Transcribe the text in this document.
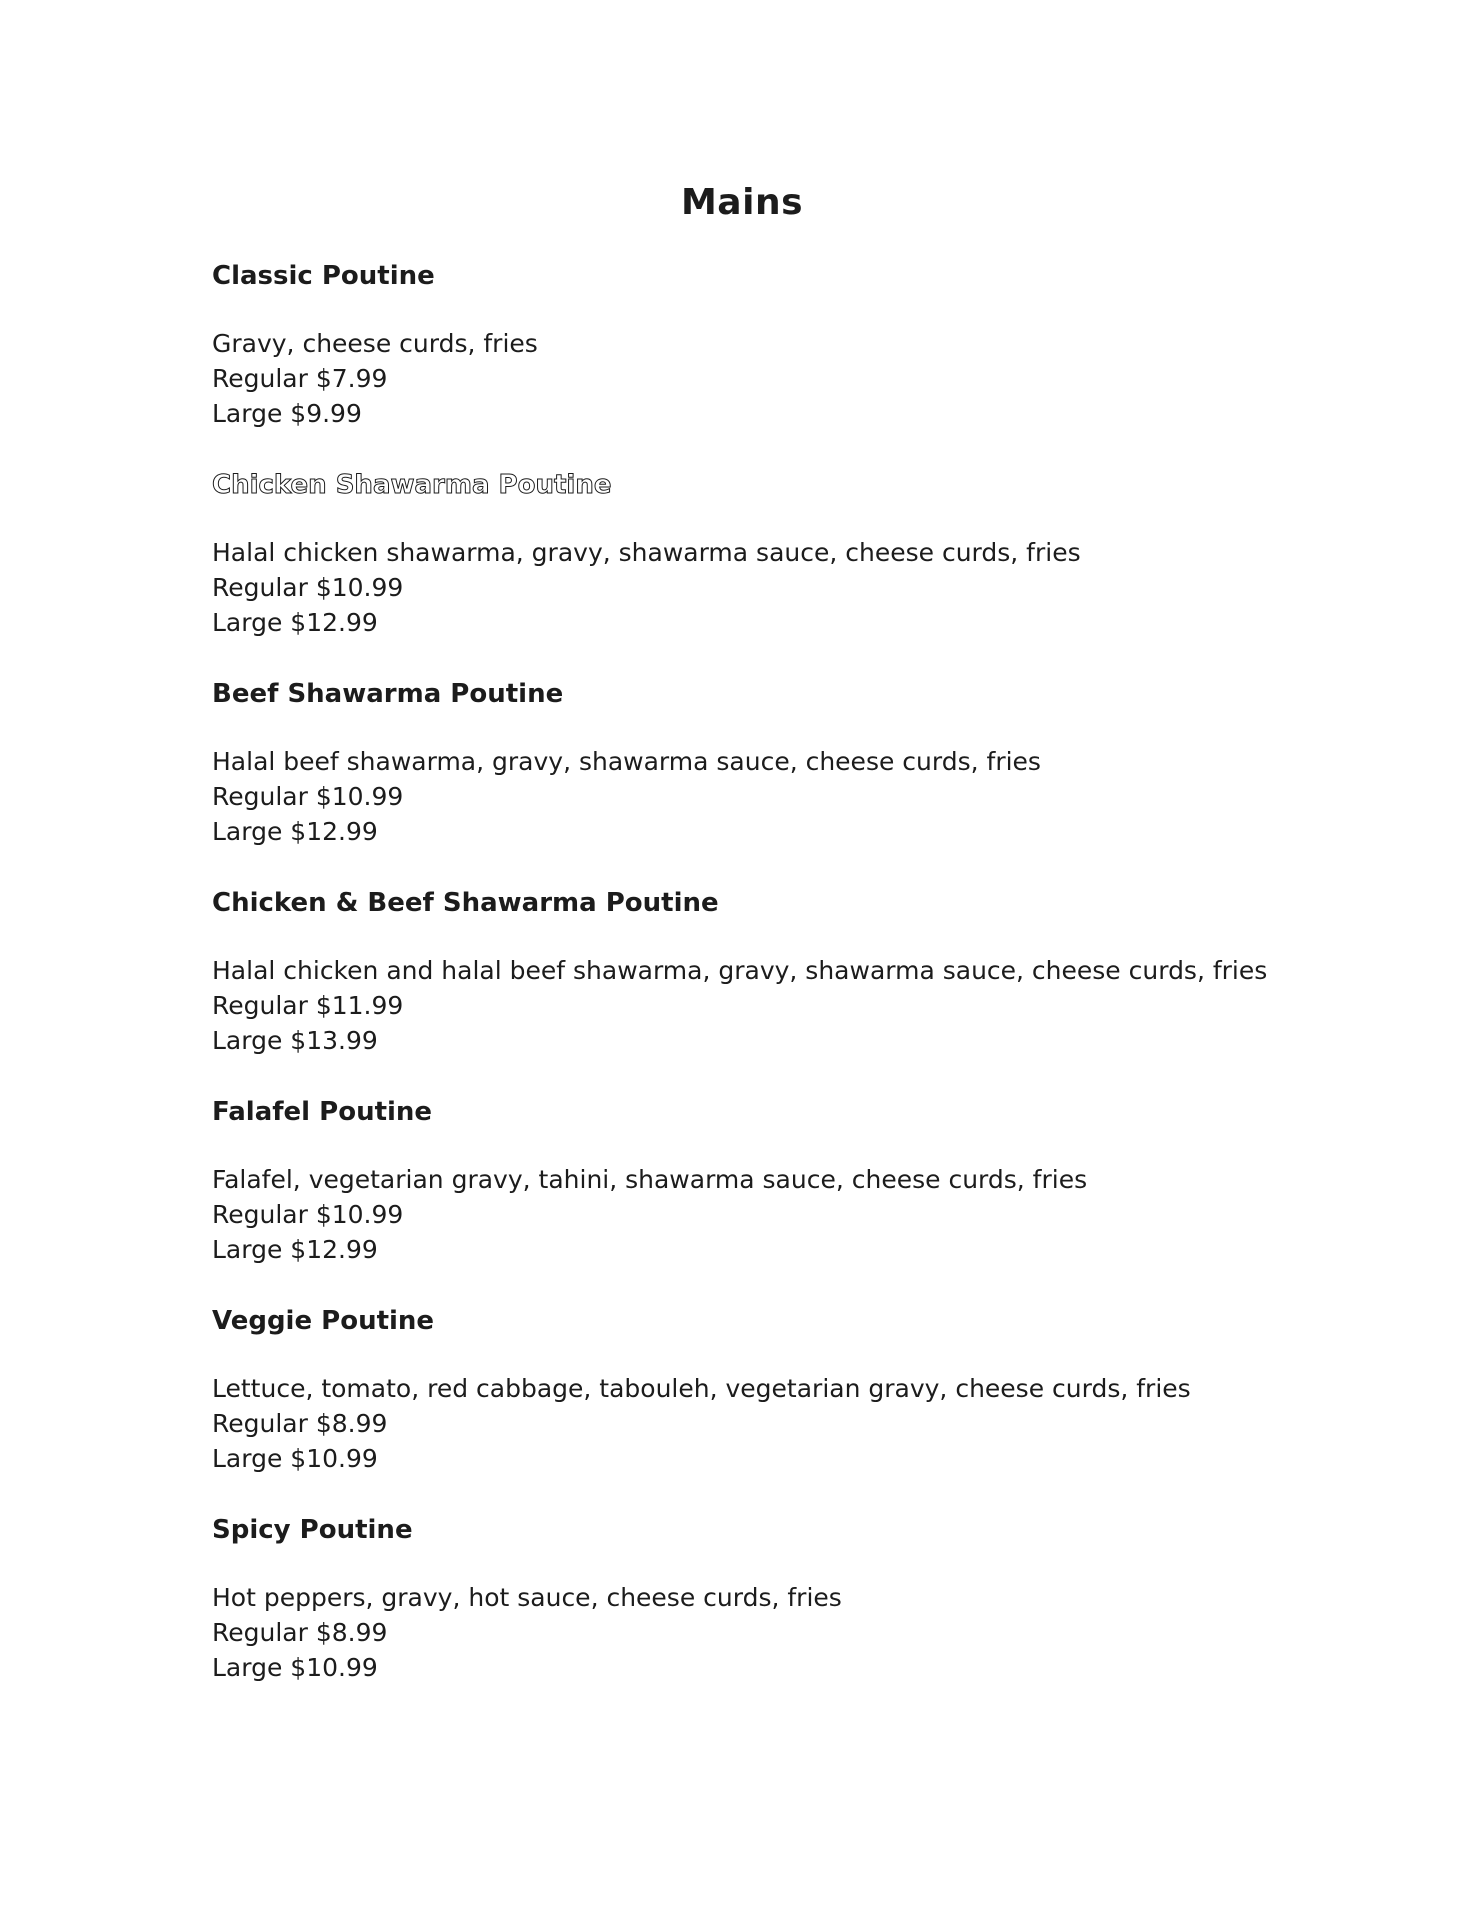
Mains
Classic Poutine
Gravy, cheese curds, fries
Regular $7.99
Large $9.99
Chicken Shawarma Poutine
Halal chicken shawarma, gravy, shawarma sauce, cheese curds, fries
Regular $10.99
Large $12.99
Beef Shawarma Poutine
Halal beef shawarma, gravy, shawarma sauce, cheese curds, fries
Regular $10.99
Large $12.99
Chicken & Beef Shawarma Poutine
Halal chicken and halal beef shawarma, gravy, shawarma sauce, cheese curds, fries
Regular $11.99
Large $13.99
Falafel Poutine
Falafel, vegetarian gravy, tahini, shawarma sauce, cheese curds, fries
Regular $10.99
Large $12.99
Veggie Poutine
Lettuce, tomato, red cabbage, tabouleh, vegetarian gravy, cheese curds, fries
Regular $8.99
Large $10.99
Spicy Poutine
Hot peppers, gravy, hot sauce, cheese curds, fries
Regular $8.99
Large $10.99
